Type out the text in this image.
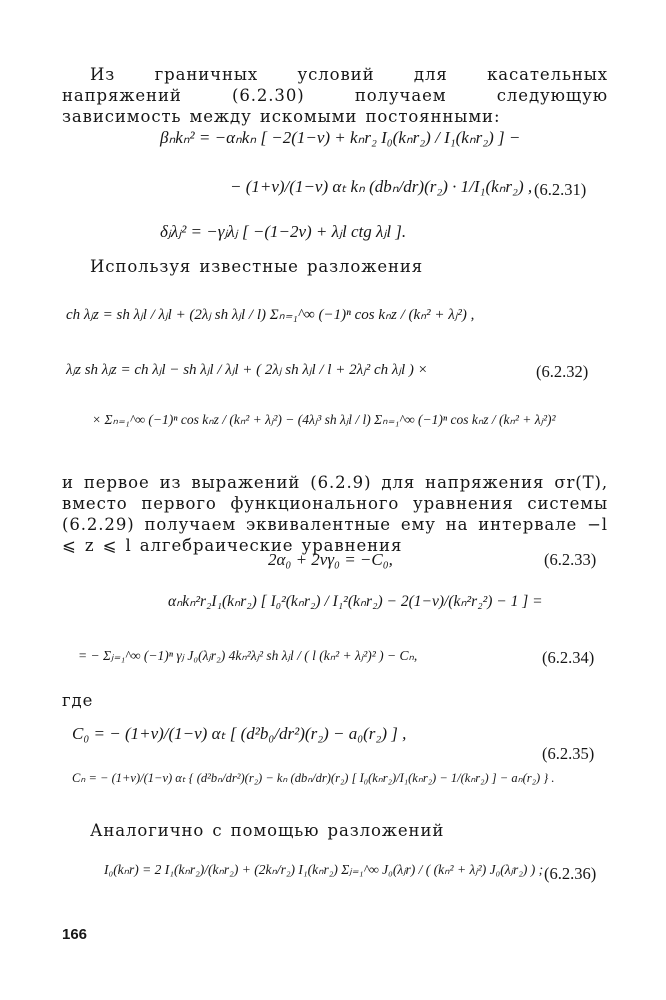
Из граничных условий для касательных напряжений (6.2.30) получаем следующую зависимость между искомыми постоянными:
βₙkₙ² = −αₙkₙ [ −2(1−ν) + kₙr₂ I₀(kₙr₂) / I₁(kₙr₂) ] −
− (1+ν)/(1−ν) αₜ kₙ (dbₙ/dr)(r₂) · 1/I₁(kₙr₂) , (6.2.31)
δⱼλⱼ² = −γⱼλⱼ [ −(1−2ν) + λⱼl ctg λⱼl ].
Используя известные разложения
ch λⱼz = sh λⱼl / λⱼl + (2λⱼ sh λⱼl / l) Σₙ₌₁^∞ (−1)ⁿ cos kₙz / (kₙ² + λⱼ²) ,
λⱼz sh λⱼz = ch λⱼl − sh λⱼl / λⱼl + ( 2λⱼ sh λⱼl / l + 2λⱼ² ch λⱼl ) ×	(6.2.32)
× Σₙ₌₁^∞ (−1)ⁿ cos kₙz / (kₙ² + λⱼ²) − (4λⱼ³ sh λⱼl / l) Σₙ₌₁^∞ (−1)ⁿ cos kₙz / (kₙ² + λⱼ²)²
и первое из выражений (6.2.9) для напряжения σr(T), вместо первого функционального уравнения системы (6.2.29) получаем эквивалентные ему на интервале −l ⩽ z ⩽ l алгебраические уравнения
2α₀ + 2νγ₀ = −C₀,	(6.2.33)
αₙkₙ²r₂I₁(kₙr₂) [ I₀²(kₙr₂) / I₁²(kₙr₂) − 2(1−ν)/(kₙ²r₂²) − 1 ] =
= − Σⱼ₌₁^∞ (−1)ⁿ γⱼ J₀(λⱼr₂) 4kₙ²λⱼ² sh λⱼl / ( l (kₙ² + λⱼ²)² ) − Cₙ,	(6.2.34)
где
C₀ = − (1+ν)/(1−ν) αₜ [ (d²b₀/dr²)(r₂) − a₀(r₂) ] ,
(6.2.35)
Cₙ = − (1+ν)/(1−ν) αₜ { (d²bₙ/dr²)(r₂) − kₙ (dbₙ/dr)(r₂) [ I₀(kₙr₂)/I₁(kₙr₂) − 1/(kₙr₂) ] − aₙ(r₂) } .
Аналогично с помощью разложений
I₀(kₙr) = 2 I₁(kₙr₂)/(kₙr₂) + (2kₙ/r₂) I₁(kₙr₂) Σⱼ₌₁^∞ J₀(λⱼr) / ( (kₙ² + λⱼ²) J₀(λⱼr₂) ) ; (6.2.36)
166
